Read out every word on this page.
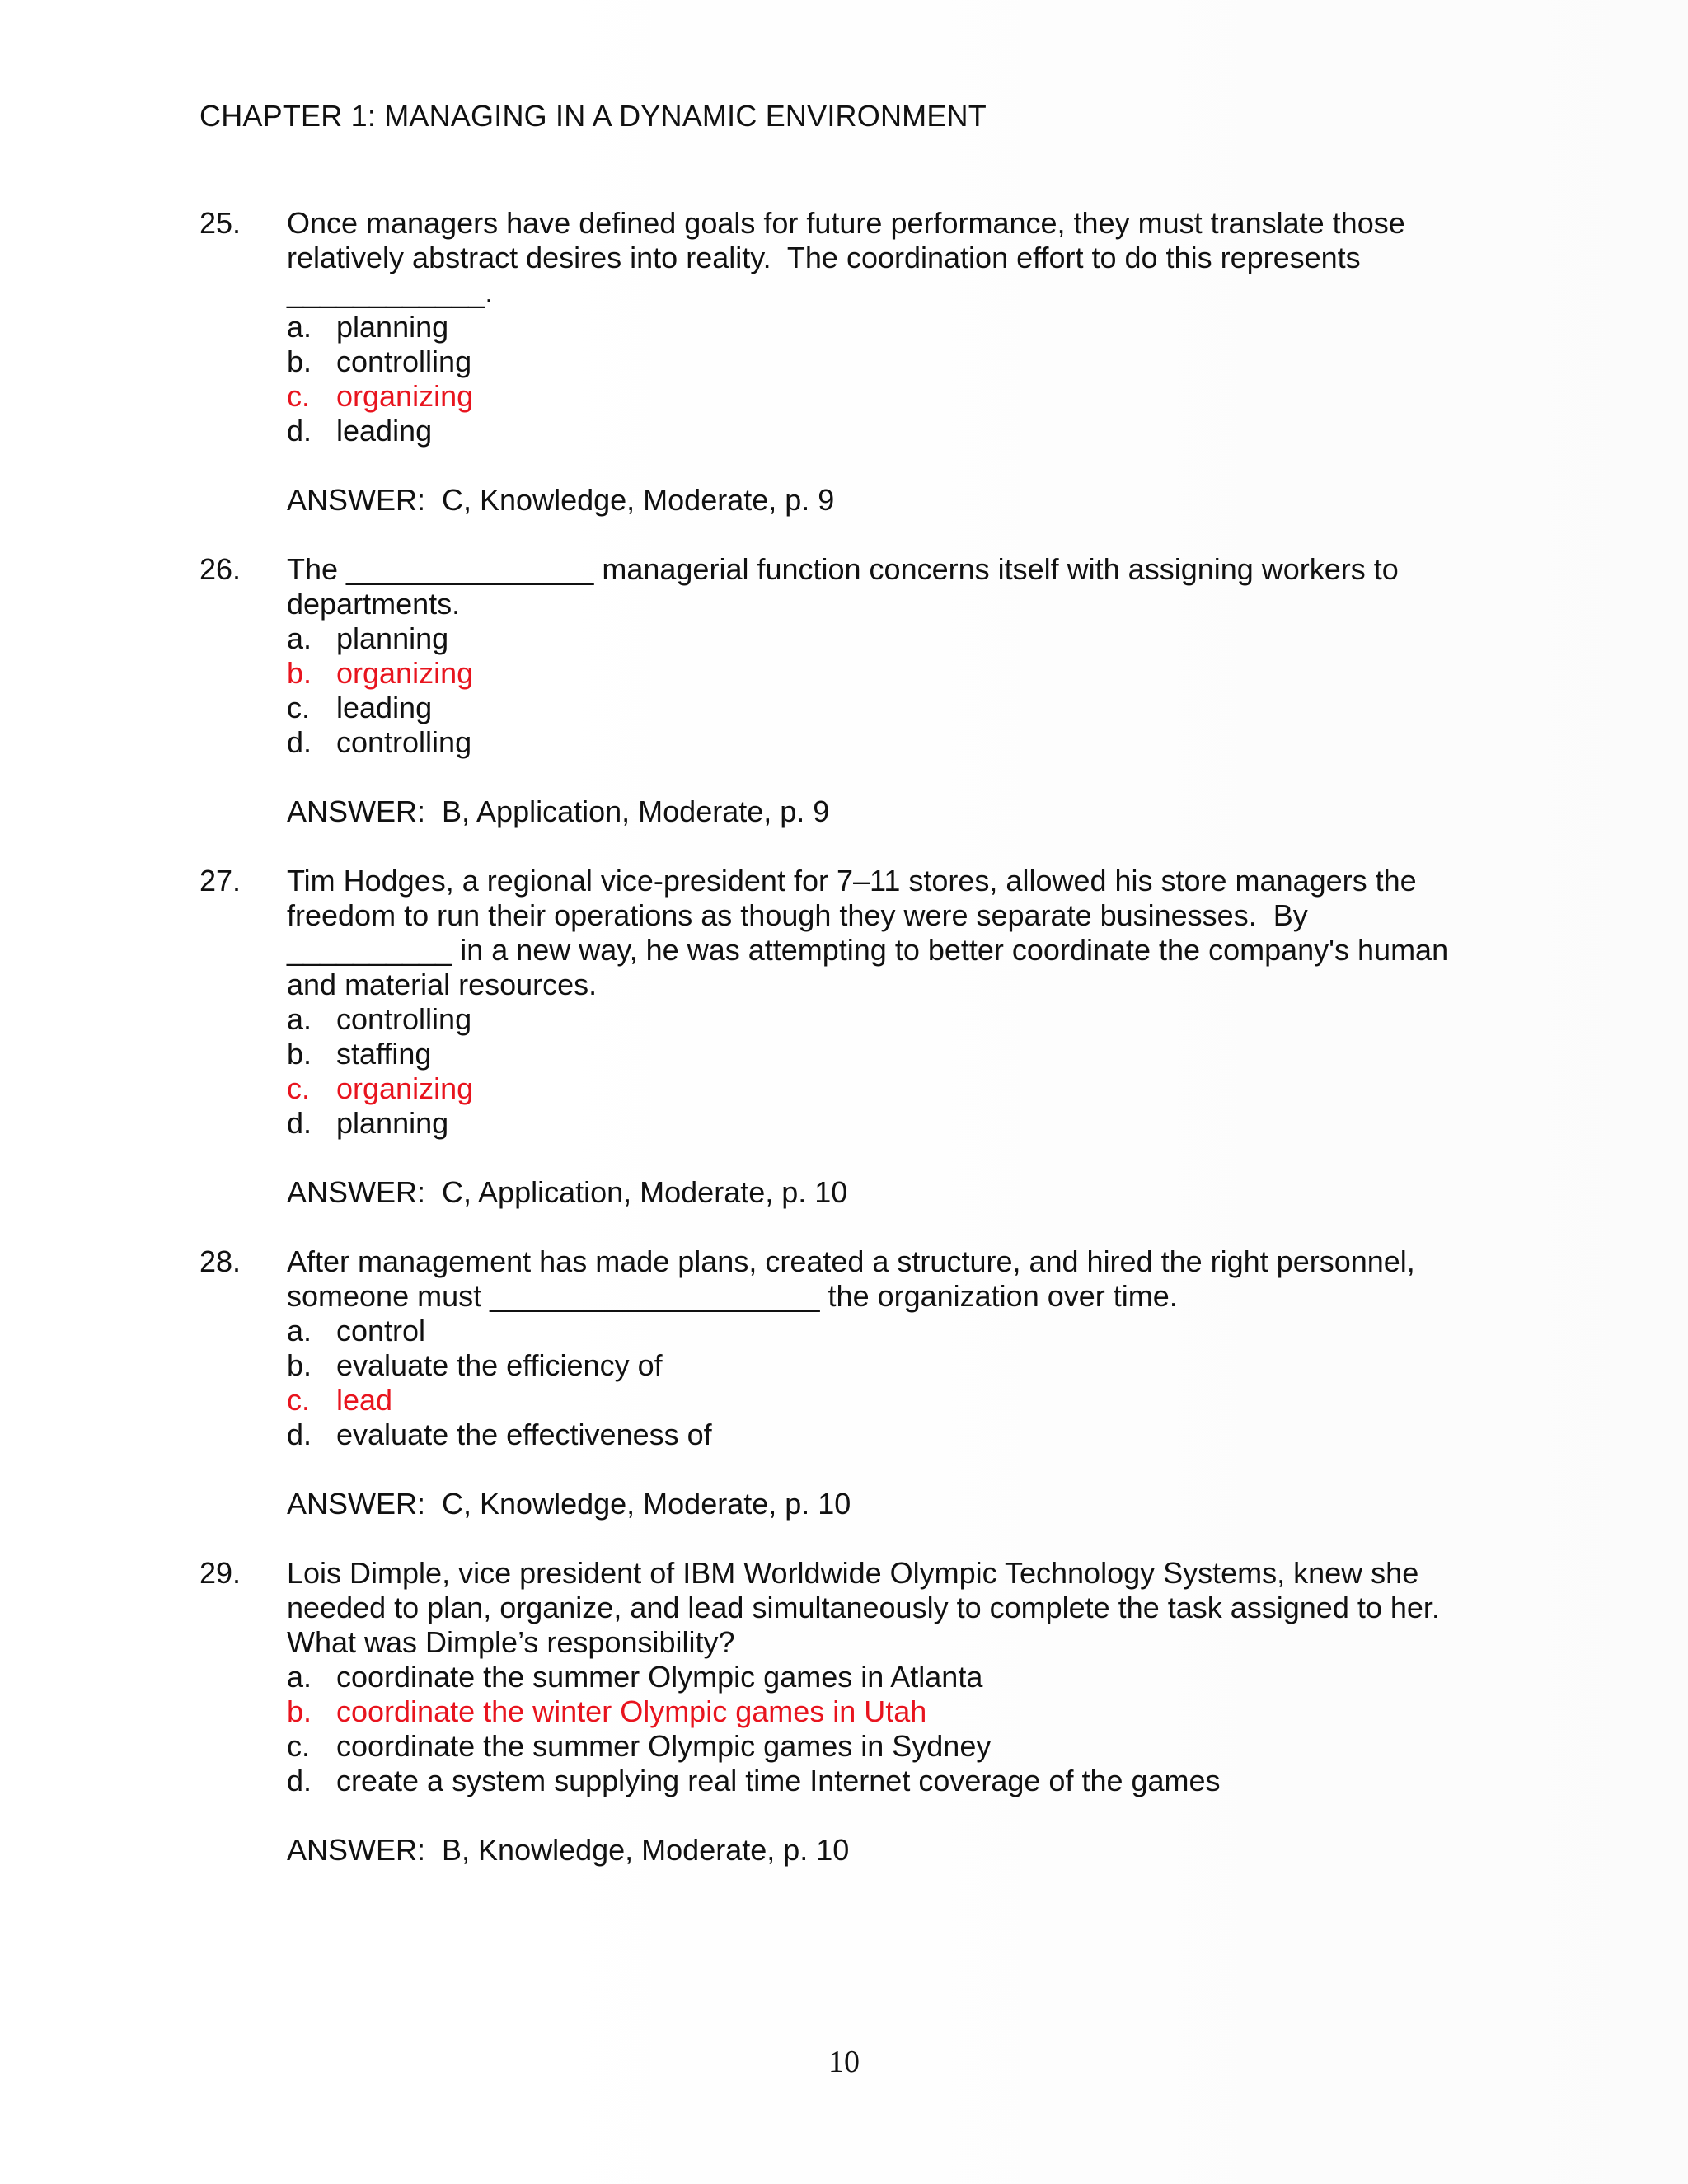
CHAPTER 1: MANAGING IN A DYNAMIC ENVIRONMENT
25.	Once managers have defined goals for future performance, they must translate those relatively abstract desires into reality.  The coordination effort to do this represents
____________.
a. planning
b. controlling
c. organizing
d. leading
ANSWER:  C, Knowledge, Moderate, p. 9
26.	The _______________ managerial function concerns itself with assigning workers to departments.
a. planning
b. organizing
c. leading
d. controlling
ANSWER:  B, Application, Moderate, p. 9
27.	Tim Hodges, a regional vice-president for 7–11 stores, allowed his store managers the freedom to run their operations as though they were separate businesses.  By
__________ in a new way, he was attempting to better coordinate the company's human and material resources.
a. controlling
b. staffing
c. organizing
d. planning
ANSWER:  C, Application, Moderate, p. 10
28.	After management has made plans, created a structure, and hired the right personnel, someone must ____________________ the organization over time.
a. control
b. evaluate the efficiency of
c. lead
d. evaluate the effectiveness of
ANSWER:  C, Knowledge, Moderate, p. 10
29.	Lois Dimple, vice president of IBM Worldwide Olympic Technology Systems, knew she needed to plan, organize, and lead simultaneously to complete the task assigned to her.  What was Dimple’s responsibility?
a. coordinate the summer Olympic games in Atlanta
b. coordinate the winter Olympic games in Utah
c. coordinate the summer Olympic games in Sydney
d. create a system supplying real time Internet coverage of the games
ANSWER:  B, Knowledge, Moderate, p. 10
10
